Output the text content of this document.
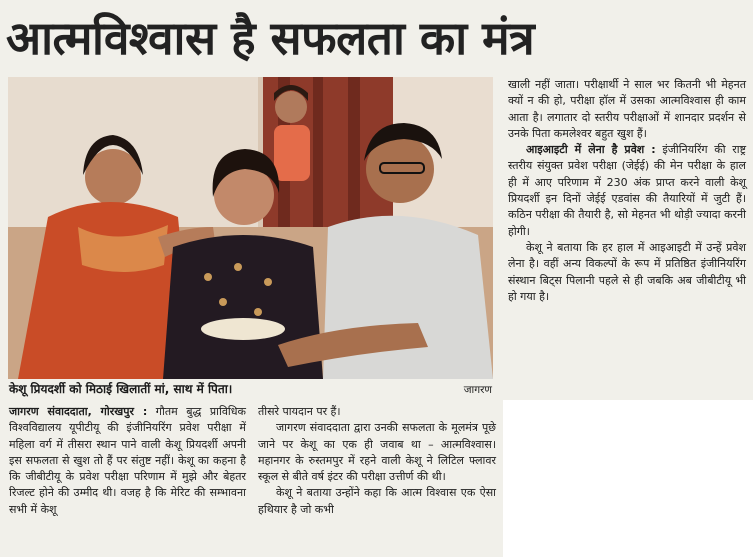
आत्मविश्वास है सफलता का मंत्र
केशू प्रियदर्शी को मिठाई खिलातीं मां, साथ में पिता।	जागरण

खाली नहीं जाता। परीक्षार्थी ने साल भर कितनी भी मेहनत क्यों न की हो, परीक्षा हॉल में उसका आत्मविश्वास ही काम आता है। लगातार दो स्तरीय परीक्षाओं में शानदार प्रदर्शन से उनके पिता कमलेश्वर बहुत खुश हैं।

आइआइटी में लेना है प्रवेश : इंजीनियरिंग की राष्ट्र स्तरीय संयुक्त प्रवेश परीक्षा (जेईई) की मेन परीक्षा के हाल ही में आए परिणाम में 230 अंक प्राप्त करने वाली केशू प्रियदर्शी इन दिनों जेईई एडवांस की तैयारियों में जुटी हैं। कठिन परीक्षा की तैयारी है, सो मेहनत भी थोड़ी ज्यादा करनी होगी।

केशू ने बताया कि हर हाल में आइआइटी में उन्हें प्रवेश लेना है। वहीं अन्य विकल्पों के रूप में प्रतिष्ठित इंजीनियरिंग संस्थान बिट्स पिलानी पहले से ही जबकि अब जीबीटीयू भी हो गया है।

जागरण संवाददाता, गोरखपुर : गौतम बुद्ध प्राविधिक विश्वविद्यालय यूपीटीयू की इंजीनियरिंग प्रवेश परीक्षा में महिला वर्ग में तीसरा स्थान पाने वाली केशू प्रियदर्शी अपनी इस सफलता से खुश तो हैं पर संतुष्ट नहीं। केशू का कहना है कि जीबीटीयू के प्रवेश परीक्षा परिणाम में मुझे और बेहतर रिजल्ट होने की उम्मीद थी। वजह है कि मेरिट की सम्भावना सभी में केशू

तीसरे पायदान पर हैं।

जागरण संवाददाता द्वारा उनकी सफलता के मूलमंत्र पूछे जाने पर केशू का एक ही जवाब था – आत्मविश्वास। महानगर के रुस्तमपुर में रहने वाली केशू ने लिटिल फ्लावर स्कूल से बीते वर्ष इंटर की परीक्षा उत्तीर्ण की थी।

केशू ने बताया उन्होंने कहा कि आत्म विश्वास एक ऐसा हथियार है जो कभी
